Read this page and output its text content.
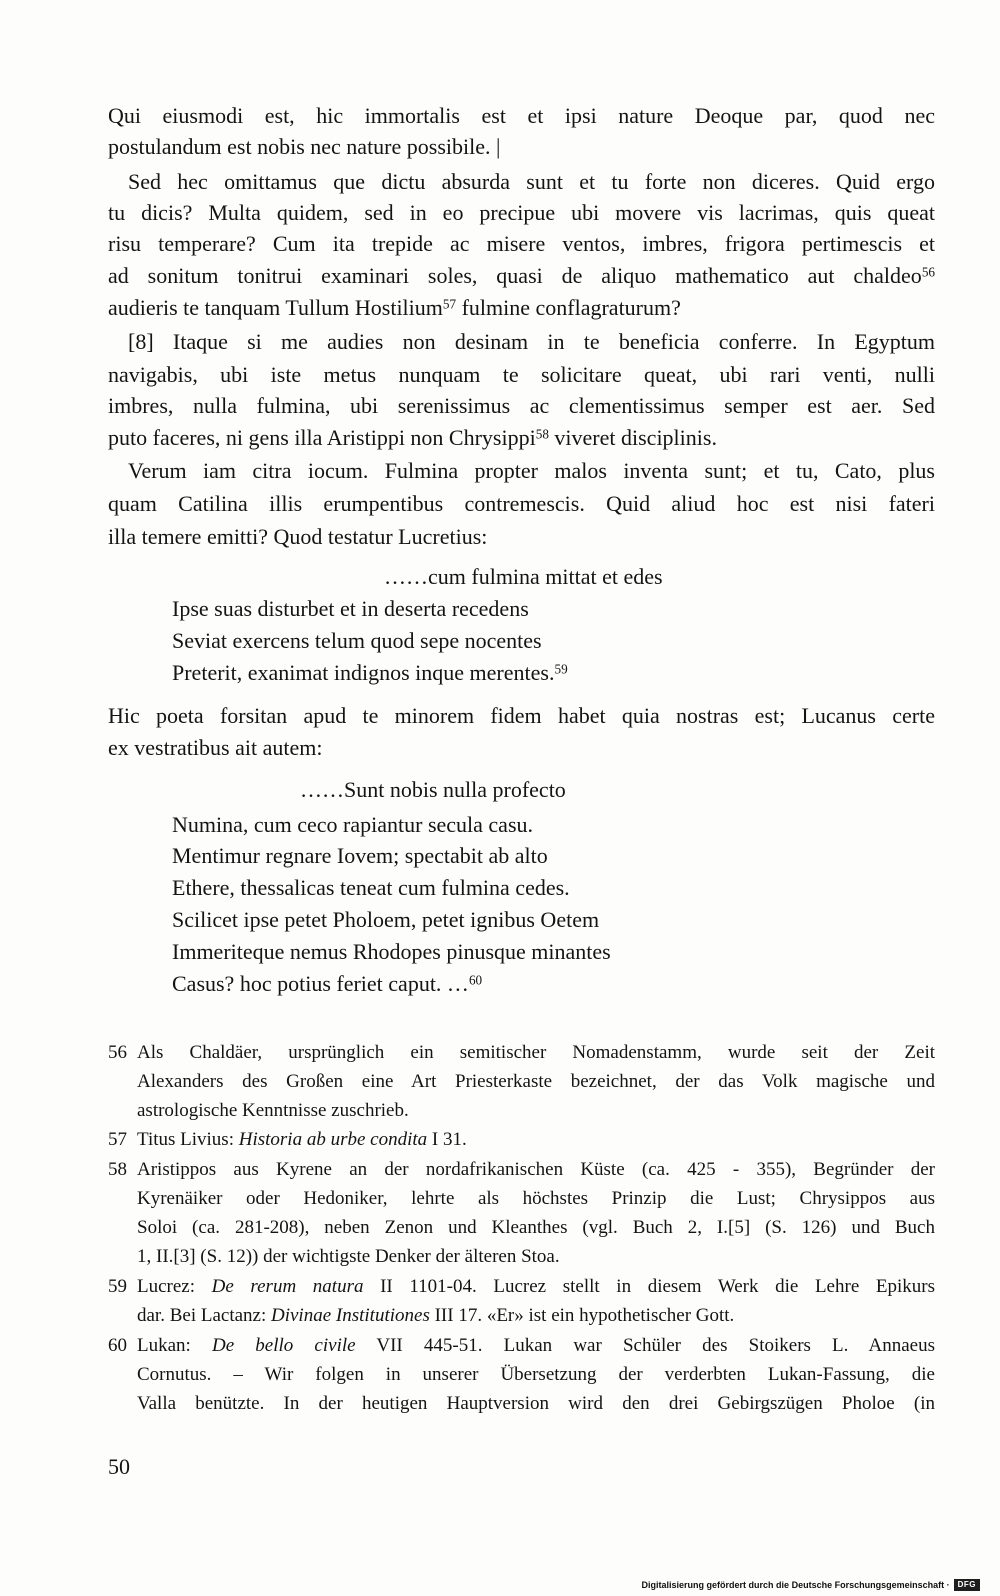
Qui eiusmodi est, hic immortalis est et ipsi nature Deoque par, quod nec
postulandum est nobis nec nature possibile. |
Sed hec omittamus que dictu absurda sunt et tu forte non diceres. Quid ergo
tu dicis? Multa quidem, sed in eo precipue ubi movere vis lacrimas, quis queat
risu temperare? Cum ita trepide ac misere ventos, imbres, frigora pertimescis et
ad sonitum tonitrui examinari soles, quasi de aliquo mathematico aut chaldeo$^{56}$
audieris te tanquam Tullum Hostilium$^{57}$ fulmine conflagraturum?
[8] Itaque si me audies non desinam in te beneficia conferre. In Egyptum
navigabis, ubi iste metus nunquam te solicitare queat, ubi rari venti, nulli
imbres, nulla fulmina, ubi serenissimus ac clementissimus semper est aer. Sed
puto faceres, ni gens illa Aristippi non Chrysippi$^{58}$ viveret disciplinis.
Verum iam citra iocum. Fulmina propter malos inventa sunt; et tu, Cato, plus
quam Catilina illis erumpentibus contremescis. Quid aliud hoc est nisi fateri
illa temere emitti? Quod testatur Lucretius:
……cum fulmina mittat et edes
Ipse suas disturbet et in deserta recedens
Seviat exercens telum quod sepe nocentes
Preterit, exanimat indignos inque merentes.$^{59}$
Hic poeta forsitan apud te minorem fidem habet quia nostras est; Lucanus certe
ex vestratibus ait autem:
……Sunt nobis nulla profecto
Numina, cum ceco rapiantur secula casu.
Mentimur regnare Iovem; spectabit ab alto
Ethere, thessalicas teneat cum fulmina cedes.
Scilicet ipse petet Pholoem, petet ignibus Oetem
Immeriteque nemus Rhodopes pinusque minantes
Casus? hoc potius feriet caput. …$^{60}$
56 Als Chaldäer, ursprünglich ein semitischer Nomadenstamm, wurde seit der Zeit
Alexanders des Großen eine Art Priesterkaste bezeichnet, der das Volk magische und
astrologische Kenntnisse zuschrieb.
57 Titus Livius: Historia ab urbe condita I 31.
58 Aristippos aus Kyrene an der nordafrikanischen Küste (ca. 425 - 355), Begründer der
Kyrenäiker oder Hedoniker, lehrte als höchstes Prinzip die Lust; Chrysippos aus
Soloi (ca. 281-208), neben Zenon und Kleanthes (vgl. Buch 2, I.[5] (S. 126) und Buch
1, II.[3] (S. 12)) der wichtigste Denker der älteren Stoa.
59 Lucrez: De rerum natura II 1101-04. Lucrez stellt in diesem Werk die Lehre Epikurs
dar. Bei Lactanz: Divinae Institutiones III 17. «Er» ist ein hypothetischer Gott.
60 Lukan: De bello civile VII 445-51. Lukan war Schüler des Stoikers L. Annaeus
Cornutus. – Wir folgen in unserer Übersetzung der verderbten Lukan-Fassung, die
Valla benützte. In der heutigen Hauptversion wird den drei Gebirgszügen Pholoe (in
50
Digitalisierung gefördert durch die Deutsche Forschungsgemeinschaft ·	DFG
